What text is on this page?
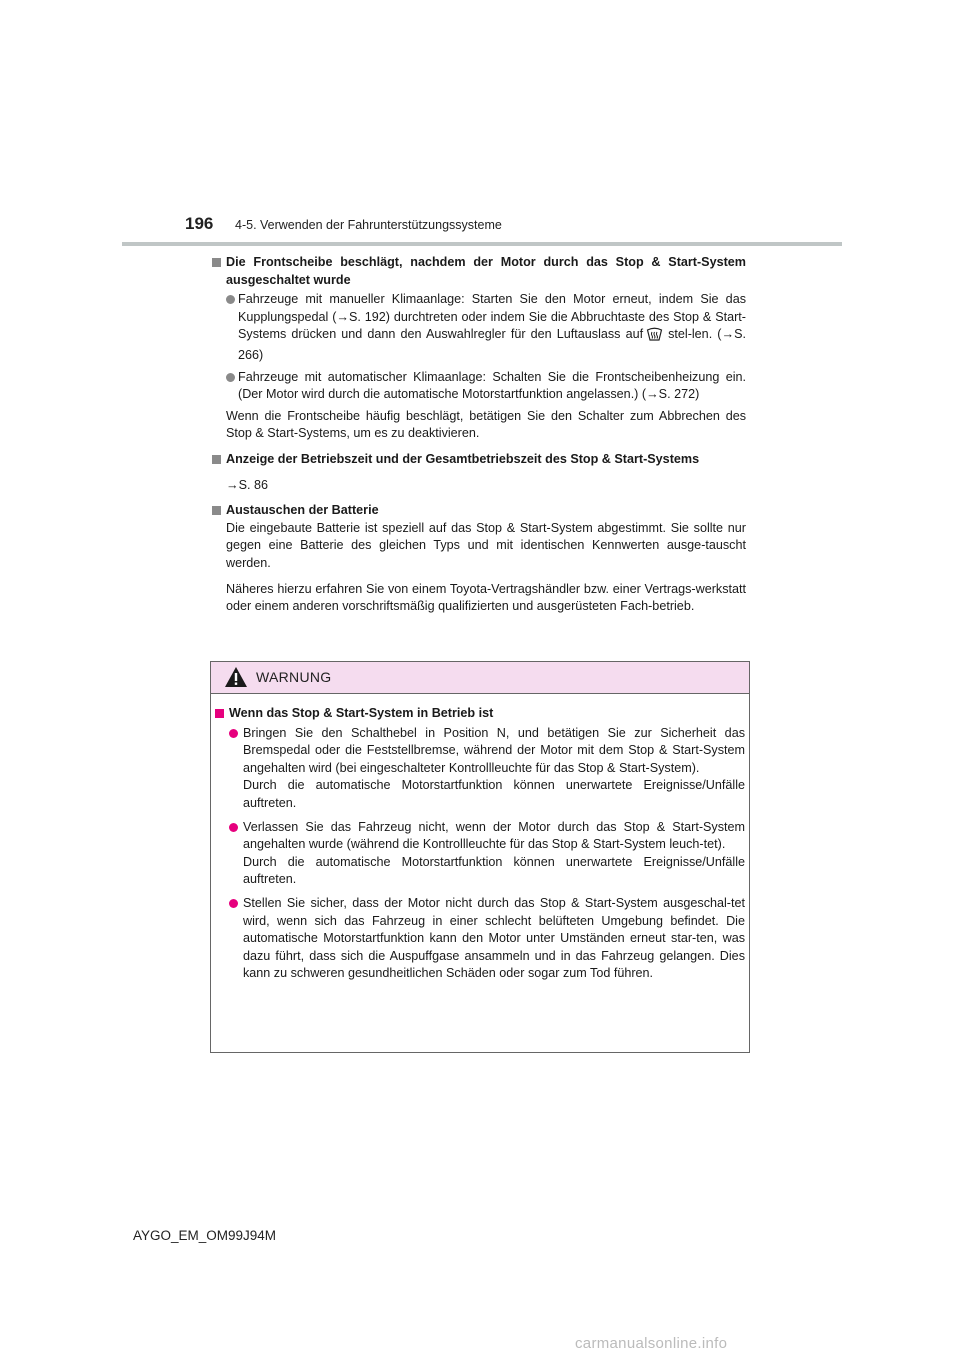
196	4-5. Verwenden der Fahrunterstützungssysteme
Die Frontscheibe beschlägt, nachdem der Motor durch das Stop & Start-System ausgeschaltet wurde
Fahrzeuge mit manueller Klimaanlage: Starten Sie den Motor erneut, indem Sie das Kupplungspedal (→S. 192) durchtreten oder indem Sie die Abbruchtaste des Stop & Start-Systems drücken und dann den Auswahlregler für den Luftauslass auf stel-len. (→S. 266)
Fahrzeuge mit automatischer Klimaanlage: Schalten Sie die Frontscheibenheizung ein. (Der Motor wird durch die automatische Motorstartfunktion angelassen.) (→S. 272)
Wenn die Frontscheibe häufig beschlägt, betätigen Sie den Schalter zum Abbrechen des Stop & Start-Systems, um es zu deaktivieren.
Anzeige der Betriebszeit und der Gesamtbetriebszeit des Stop & Start-Systems
→S. 86
Austauschen der Batterie
Die eingebaute Batterie ist speziell auf das Stop & Start-System abgestimmt. Sie sollte nur gegen eine Batterie des gleichen Typs und mit identischen Kennwerten ausge-tauscht werden.
Näheres hierzu erfahren Sie von einem Toyota-Vertragshändler bzw. einer Vertrags-werkstatt oder einem anderen vorschriftsmäßig qualifizierten und ausgerüsteten Fach-betrieb.
WARNUNG
Wenn das Stop & Start-System in Betrieb ist
Bringen Sie den Schalthebel in Position N, und betätigen Sie zur Sicherheit das Bremspedal oder die Feststellbremse, während der Motor mit dem Stop & Start-System angehalten wird (bei eingeschalteter Kontrollleuchte für das Stop & Start-System).
Durch die automatische Motorstartfunktion können unerwartete Ereignisse/Unfälle auftreten.
Verlassen Sie das Fahrzeug nicht, wenn der Motor durch das Stop & Start-System angehalten wurde (während die Kontrollleuchte für das Stop & Start-System leuch-tet).
Durch die automatische Motorstartfunktion können unerwartete Ereignisse/Unfälle auftreten.
Stellen Sie sicher, dass der Motor nicht durch das Stop & Start-System ausgeschal-tet wird, wenn sich das Fahrzeug in einer schlecht belüfteten Umgebung befindet. Die automatische Motorstartfunktion kann den Motor unter Umständen erneut star-ten, was dazu führt, dass sich die Auspuffgase ansammeln und in das Fahrzeug gelangen. Dies kann zu schweren gesundheitlichen Schäden oder sogar zum Tod führen.
AYGO_EM_OM99J94M
carmanualsonline.info
